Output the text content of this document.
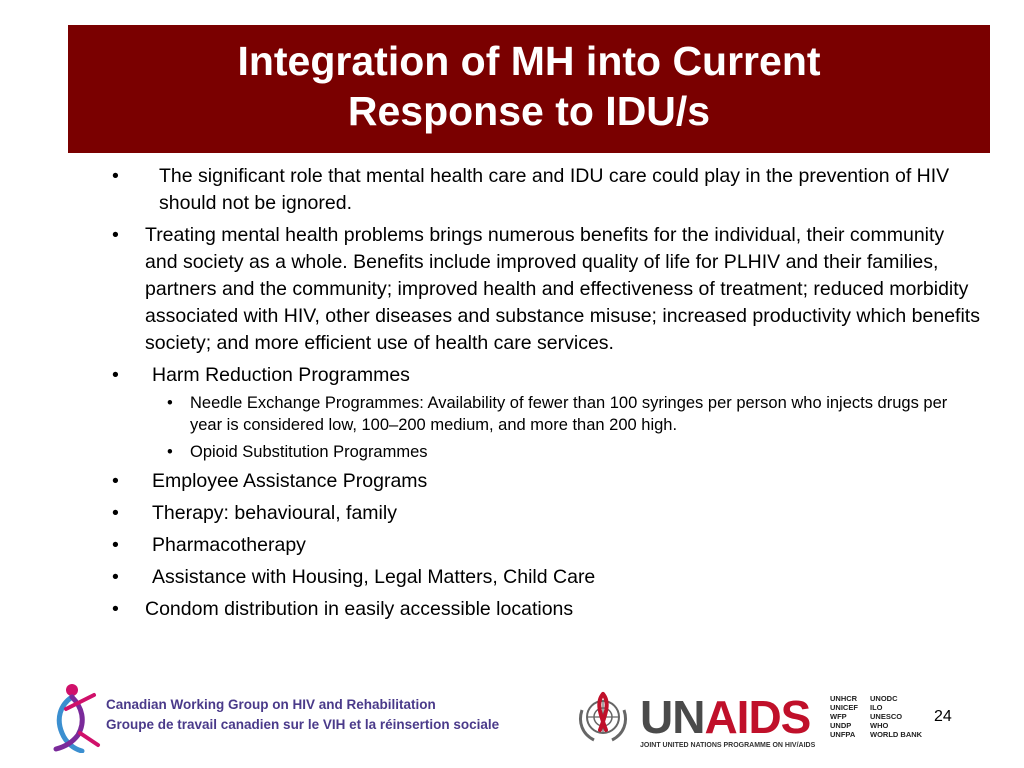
Integration of MH into Current
Response to IDU/s
• The significant role that mental health care and IDU care could play in the prevention of HIV should not be ignored.
• Treating mental health problems brings numerous benefits for the individual, their community and society as a whole. Benefits include improved quality of life for PLHIV and their families, partners and the community; improved health and effectiveness of treatment; reduced morbidity associated with HIV, other diseases and substance misuse; increased productivity which benefits society; and more efficient use of health care services.
• Harm Reduction Programmes
• Needle Exchange Programmes: Availability of fewer than 100 syringes per person who injects drugs per year is considered low, 100–200 medium, and more than 200 high.
• Opioid Substitution Programmes
• Employee Assistance Programs
• Therapy: behavioural, family
• Pharmacotherapy
• Assistance with Housing, Legal Matters, Child Care
• Condom distribution in easily accessible locations
Canadian Working Group on HIV and Rehabilitation
Groupe de travail canadien sur le VIH et la réinsertion sociale	UNAIDS
JOINT UNITED NATIONS PROGRAMME ON HIV/AIDS
UNHCR
UNICEF
WFP
UNDP
UNFPA
UNODC
ILO
UNESCO
WHO
WORLD BANK
24
